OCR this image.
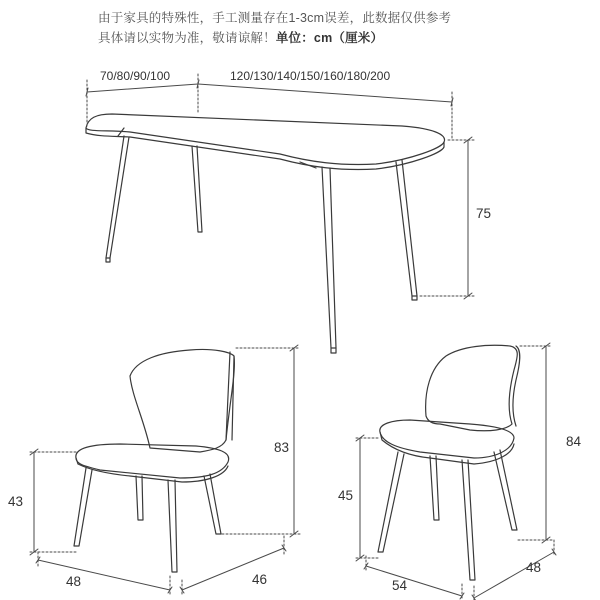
由于家具的特殊性，手工测量存在1-3cm误差，此数据仅供参考
具体请以实物为准，敬请谅解！单位：cm（厘米）
70/80/90/100	120/130/140/150/160/180/200
75
43
83
48	46
45
84
54
48
